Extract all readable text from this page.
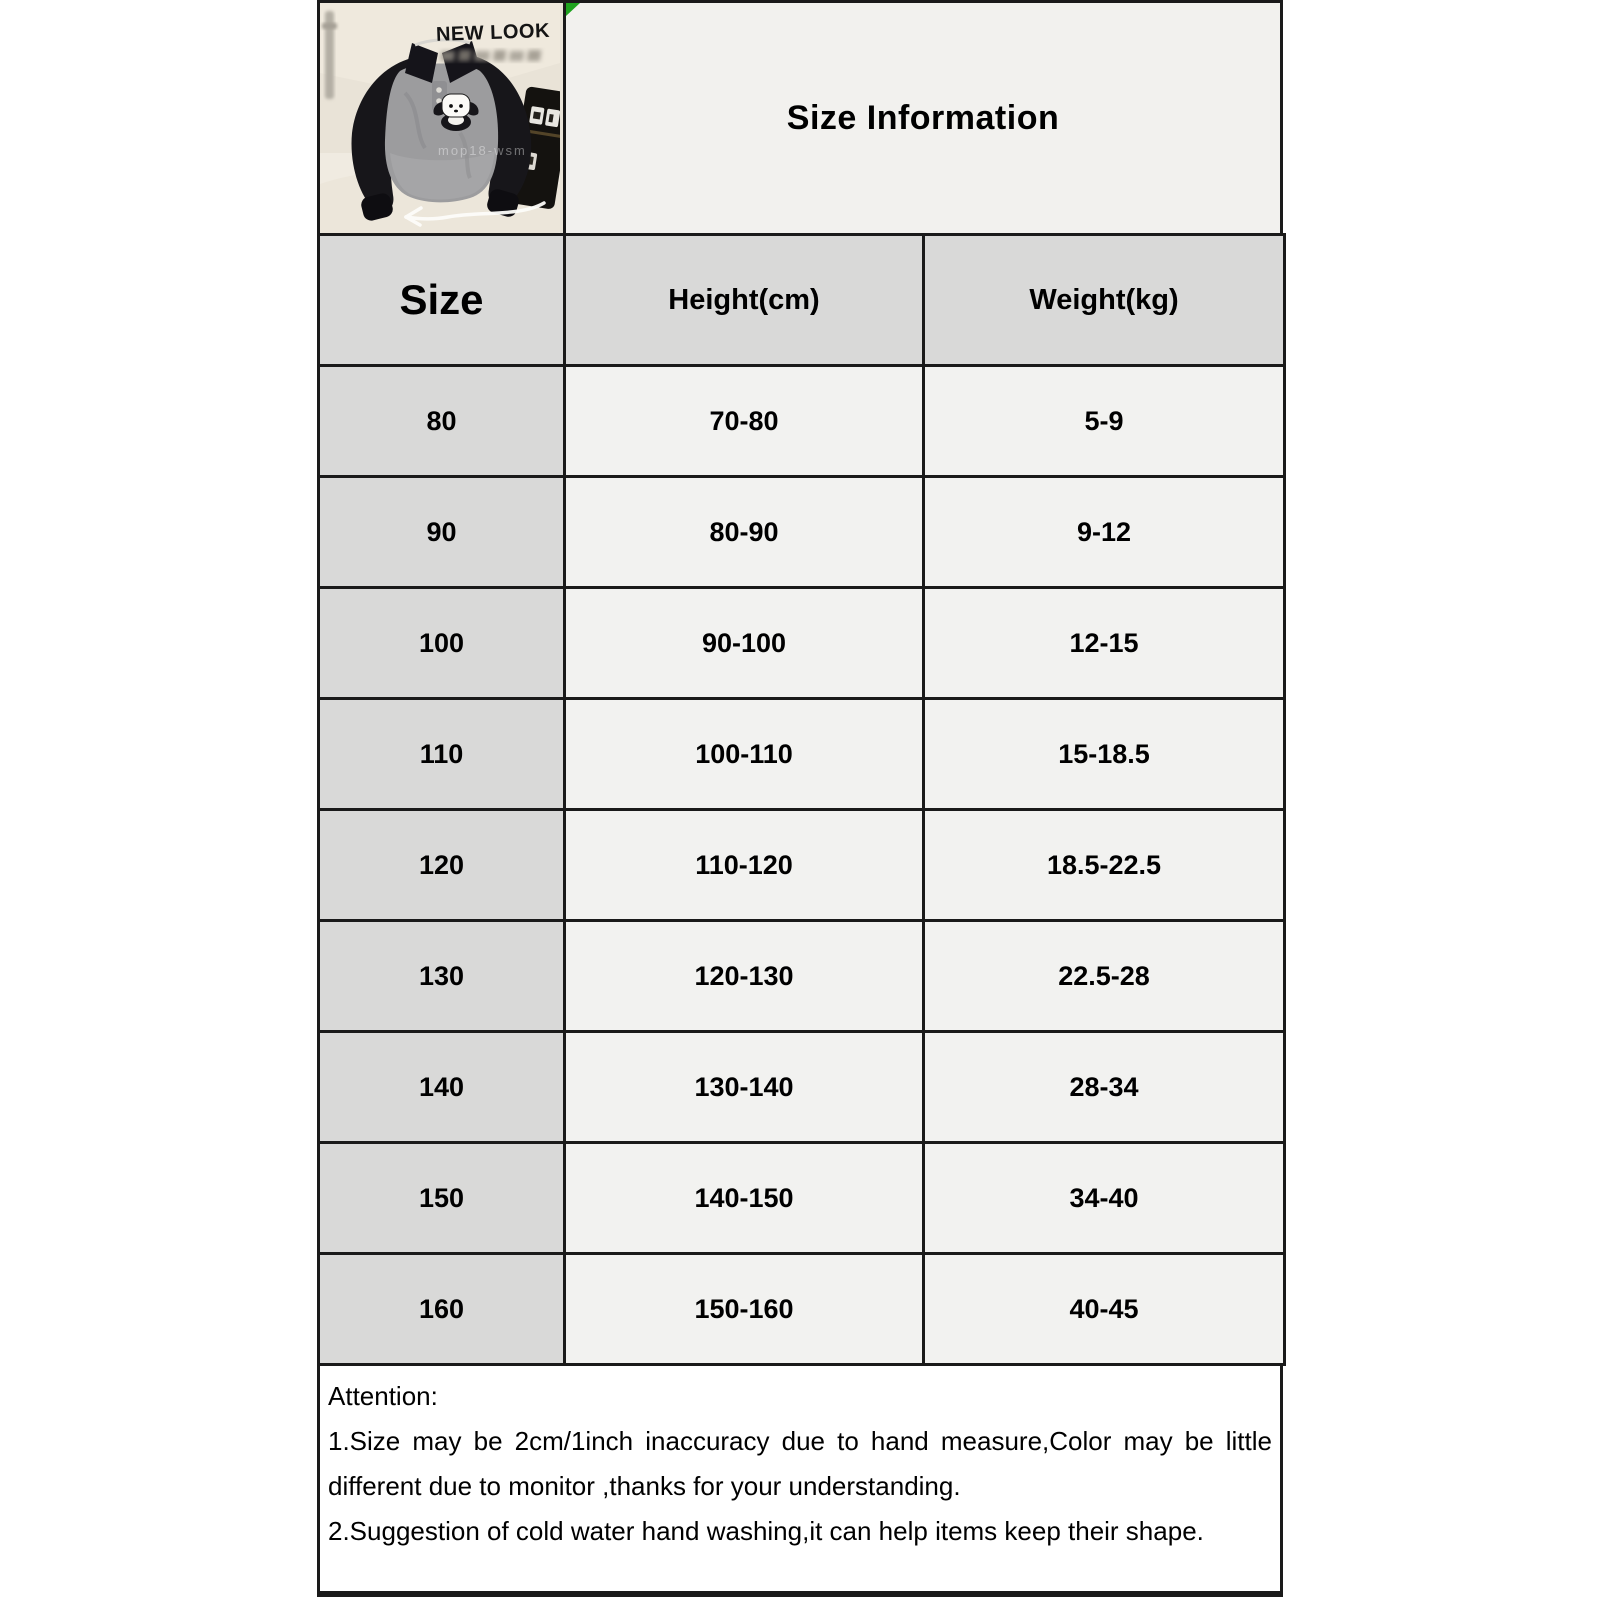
mop18-wsm
NEW LOOK
Size Information
Size	Height(cm)	Weight(kg)
80	70-80	5-9
90	80-90	9-12
100	90-100	12-15
110	100-110	15-18.5
120	110-120	18.5-22.5
130	120-130	22.5-28
140	130-140	28-34
150	140-150	34-40
160	150-160	40-45
Attention:
1.Size may be 2cm/1inch inaccuracy due to hand measure,Color may be little different due to monitor ,thanks for your understanding.
2.Suggestion of cold water hand washing,it can help items keep their shape.
